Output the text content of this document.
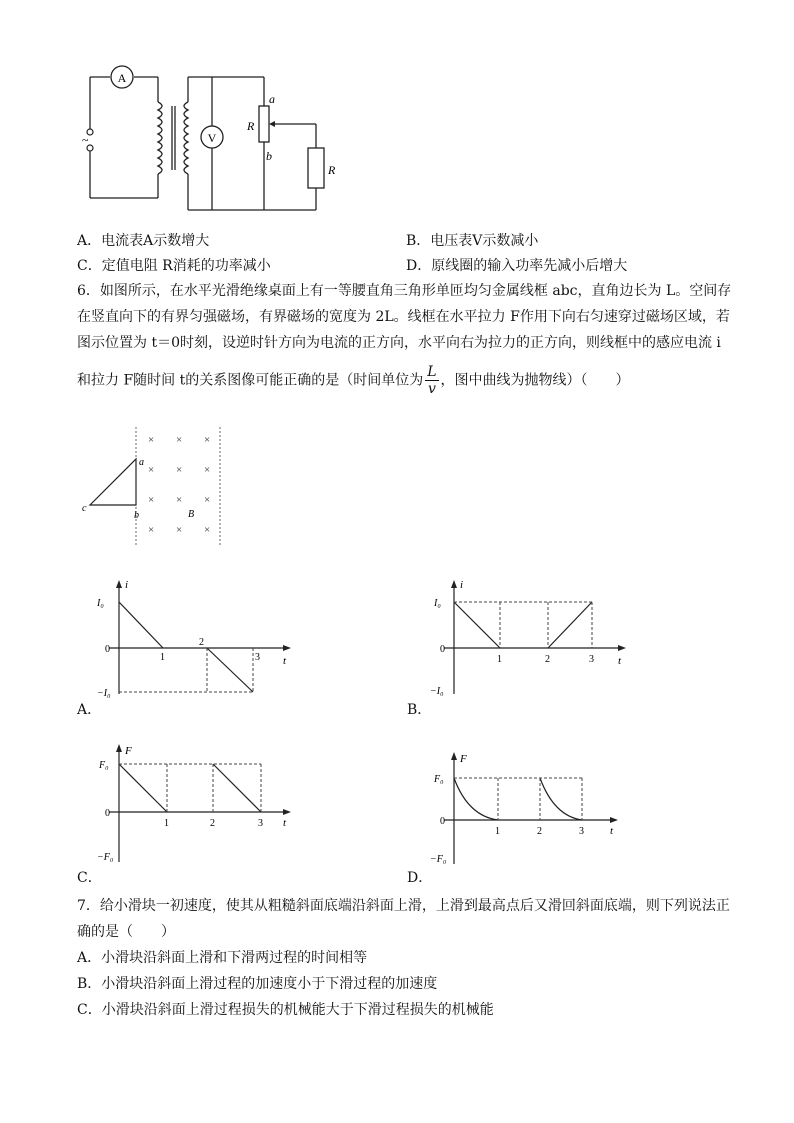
~
A
V
a
b
R
R
A．电流表A示数增大	B．电压表V示数减小
C．定值电阻 R消耗的功率减小	D．原线圈的输入功率先减小后增大
6．如图所示，在水平光滑绝缘桌面上有一等腰直角三角形单匝均匀金属线框 abc，直角边长为 L。空间存
在竖直向下的有界匀强磁场，有界磁场的宽度为 2L。线框在水平拉力 F作用下向右匀速穿过磁场区域，若
图示位置为 t＝0时刻，设逆时针方向为电流的正方向，水平向右为拉力的正方向，则线框中的感应电流 i
和拉力 F随时间 t的关系图像可能正确的是（时间单位为 $\frac{L}{v}$ ，图中曲线为抛物线）（　　）
× × ×
× × ×
× × ×
× × ×
a
b
c
B
i
t
I₀
−I₀
0
1
2
3
A．
i
t
I₀
−I₀
0
1	2	3
B．
F
t
F₀
−F₀
0
1	2	3
C．
F
t
F₀
−F₀
0
1	2	3
D．
7．给小滑块一初速度，使其从粗糙斜面底端沿斜面上滑，上滑到最高点后又滑回斜面底端，则下列说法正
确的是（　　）
A．小滑块沿斜面上滑和下滑两过程的时间相等
B．小滑块沿斜面上滑过程的加速度小于下滑过程的加速度
C．小滑块沿斜面上滑过程损失的机械能大于下滑过程损失的机械能
